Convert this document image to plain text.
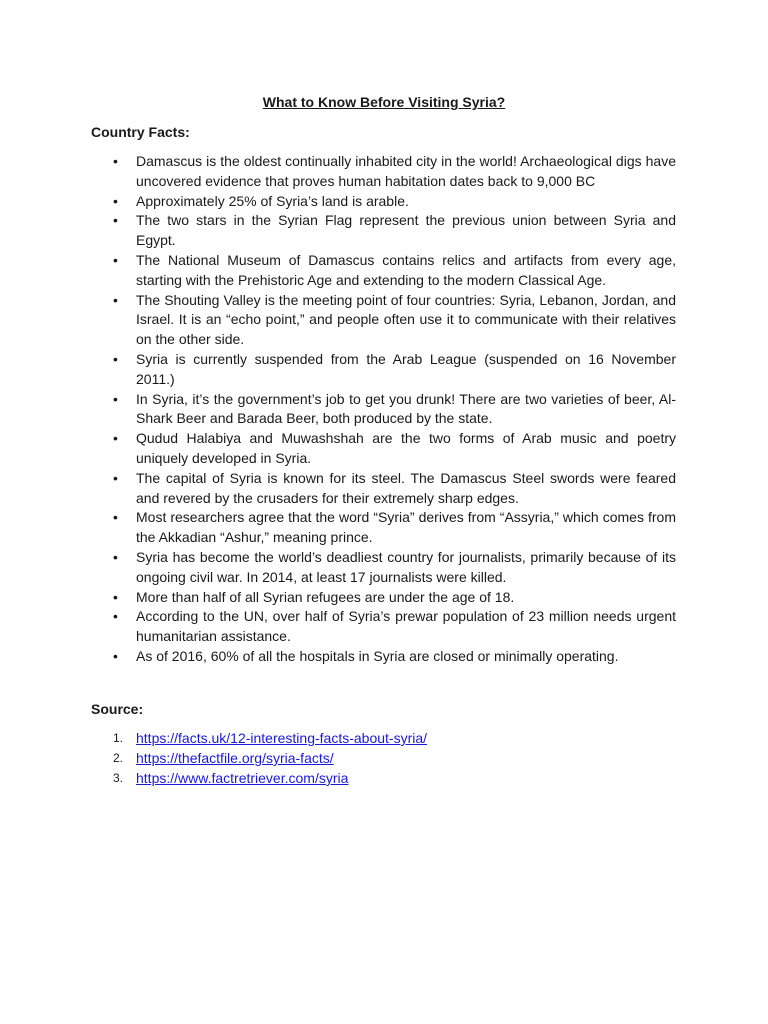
What to Know Before Visiting Syria?
Country Facts:
• Damascus is the oldest continually inhabited city in the world! Archaeological digs have uncovered evidence that proves human habitation dates back to 9,000 BC
• Approximately 25% of Syria’s land is arable.
• The two stars in the Syrian Flag represent the previous union between Syria and Egypt.
• The National Museum of Damascus contains relics and artifacts from every age, starting with the Prehistoric Age and extending to the modern Classical Age.
• The Shouting Valley is the meeting point of four countries: Syria, Lebanon, Jordan, and Israel. It is an “echo point,” and people often use it to communicate with their relatives on the other side.
• Syria is currently suspended from the Arab League (suspended on 16 November 2011.)
• In Syria, it’s the government’s job to get you drunk! There are two varieties of beer, Al-Shark Beer and Barada Beer, both produced by the state.
• Qudud Halabiya and Muwashshah are the two forms of Arab music and poetry uniquely developed in Syria.
• The capital of Syria is known for its steel. The Damascus Steel swords were feared and revered by the crusaders for their extremely sharp edges.
• Most researchers agree that the word “Syria” derives from “Assyria,” which comes from the Akkadian “Ashur,” meaning prince.
• Syria has become the world’s deadliest country for journalists, primarily because of its ongoing civil war. In 2014, at least 17 journalists were killed.
• More than half of all Syrian refugees are under the age of 18.
• According to the UN, over half of Syria’s prewar population of 23 million needs urgent humanitarian assistance.
• As of 2016, 60% of all the hospitals in Syria are closed or minimally operating.
Source:
1. https://facts.uk/12-interesting-facts-about-syria/
2. https://thefactfile.org/syria-facts/
3. https://www.factretriever.com/syria
